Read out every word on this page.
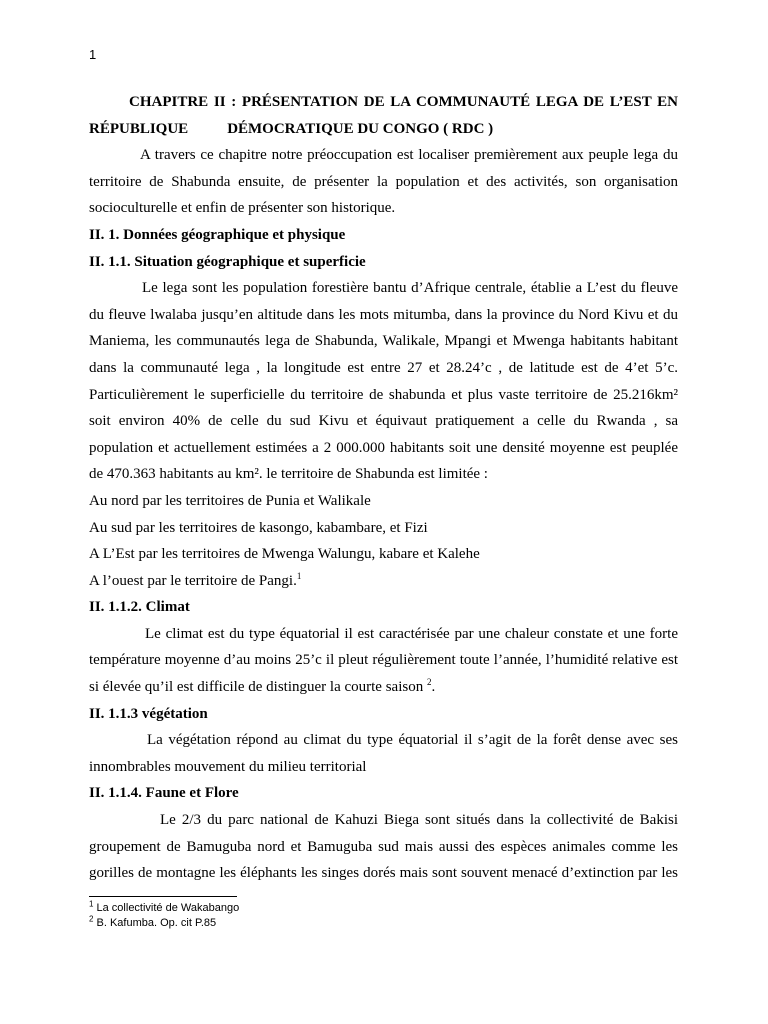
1
CHAPITRE II : PRÉSENTATION DE LA COMMUNAUTÉ LEGA DE L’EST EN
RÉPUBLIQUE	DÉMOCRATIQUE DU CONGO ( RDC )
A travers ce chapitre notre préoccupation est localiser premièrement aux peuple lega du
territoire de Shabunda ensuite, de présenter la population et des activités, son organisation
socioculturelle et enfin de présenter son historique.
II. 1. Données géographique et physique
II. 1.1. Situation géographique et superficie
Le lega sont les population forestière bantu d’Afrique centrale, établie a L’est du fleuve
du fleuve lwalaba jusqu’en altitude dans les mots mitumba, dans la province du Nord Kivu et du
Maniema, les communautés lega de Shabunda, Walikale, Mpangi et Mwenga habitants habitant
dans la communauté lega , la longitude est entre 27 et 28.24’c , de latitude est de 4’et 5’c.
Particulièrement le superficielle du territoire de shabunda et plus vaste territoire de 25.216km²
soit environ 40% de celle du sud Kivu et équivaut pratiquement a celle du Rwanda , sa
population et actuellement estimées a 2 000.000 habitants soit une densité moyenne est peuplée
de 470.363 habitants au km². le territoire de Shabunda est limitée :
Au nord par les territoires de Punia et Walikale
Au sud par les territoires de kasongo, kabambare, et Fizi
A L’Est par les territoires de Mwenga Walungu, kabare et Kalehe
A l’ouest par le territoire de Pangi.$^1$
II. 1.1.2. Climat
Le climat est du type équatorial il est caractérisée par une chaleur constate et une forte
température moyenne d’au moins 25’c il pleut régulièrement toute l’année, l’humidité relative est
si élevée qu’il est difficile de distinguer la courte saison $^2$.
II. 1.1.3 végétation
La végétation répond au climat du type équatorial il s’agit de la forêt dense avec ses
innombrables mouvement du milieu territorial
II. 1.1.4. Faune et Flore
Le 2/3 du parc national de Kahuzi Biega sont situés dans la collectivité de Bakisi
groupement de Bamuguba nord et Bamuguba sud mais aussi des espèces animales comme les
gorilles de montagne les éléphants les singes dorés mais sont souvent menacé d’extinction par les
$^1$ La collectivité de Wakabango
$^2$ B. Kafumba. Op. cit P.85
